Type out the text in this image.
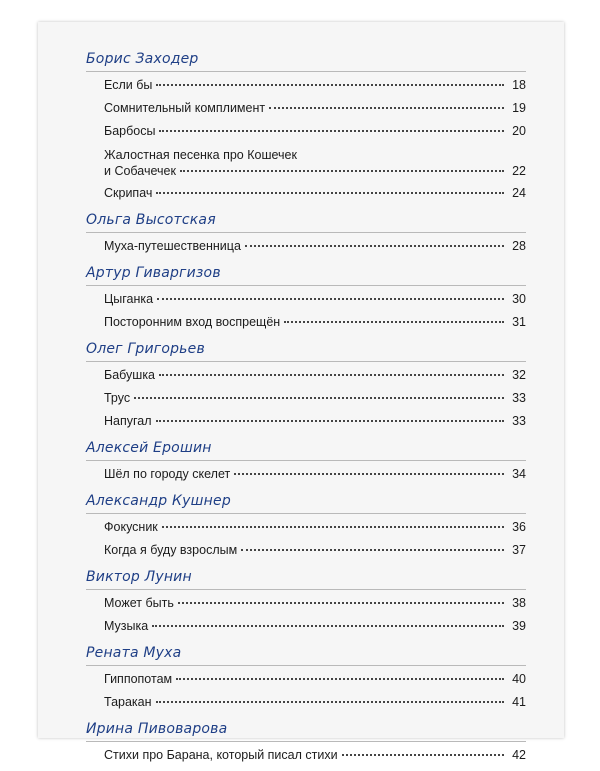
Борис Заходер
Если бы	18
Сомнительный комплимент	19
Барбосы	20
Жалостная песенка про Кошечек
и Собачечек	22
Скрипач	24
Ольга Высотская
Муха-путешественница	28
Артур Гиваргизов
Цыганка	30
Посторонним вход воспрещён	31
Олег Григорьев
Бабушка	32
Трус	33
Напугал	33
Алексей Ерошин
Шёл по городу скелет	34
Александр Кушнер
Фокусник	36
Когда я буду взрослым	37
Виктор Лунин
Может быть	38
Музыка	39
Рената Муха
Гиппопотам	40
Таракан	41
Ирина Пивоварова
Стихи про Барана, который писал стихи	42
